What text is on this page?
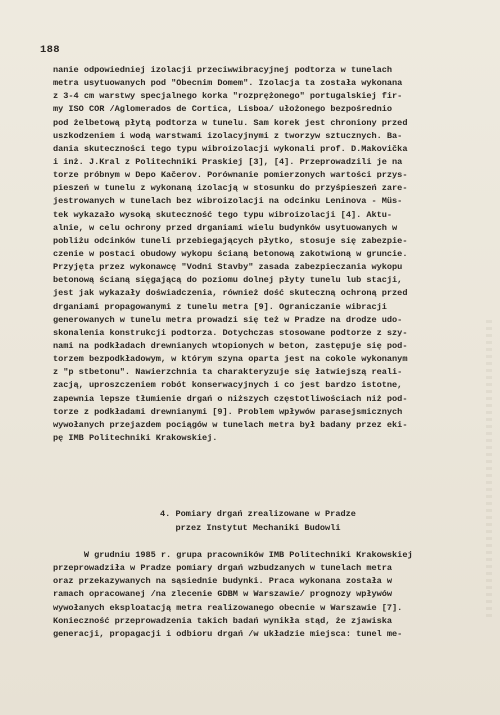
188
nanie odpowiedniej izolacji przeciwwibracyjnej podtorza w tunelach
metra usytuowanych pod "Obecnim Domem". Izolacja ta została wykonana
z 3-4 cm warstwy specjalnego korka "rozprężonego" portugalskiej fir-
my ISO COR /Aglomerados de Cortica, Lisboa/ ułożonego bezpośrednio
pod żelbetową płytą podtorza w tunelu. Sam korek jest chroniony przed
uszkodzeniem i wodą warstwami izolacyjnymi z tworzyw sztucznych. Ba-
dania skuteczności tego typu wibroizolacji wykonali prof. D.Makovička
i inż. J.Kral z Politechniki Praskiej [3], [4]. Przeprowadzili je na
torze próbnym w Depo Kačerov. Porównanie pomierzonych wartości przys-
pieszeń w tunelu z wykonaną izolacją w stosunku do przyśpieszeń zare-
jestrowanych w tunelach bez wibroizolacji na odcinku Leninova - Müs-
tek wykazało wysoką skuteczność tego typu wibroizolacji [4]. Aktu-
alnie, w celu ochrony przed drganiami wielu budynków usytuowanych w
pobliżu odcinków tuneli przebiegających płytko, stosuje się zabezpie-
czenie w postaci obudowy wykopu ścianą betonową zakotwioną w gruncie.
Przyjęta przez wykonawcę "Vodni Stavby" zasada zabezpieczania wykopu
betonową ścianą sięgającą do poziomu dolnej płyty tunelu lub stacji,
jest jak wykazały doświadczenia, również dość skuteczną ochroną przed
drganiami propagowanymi z tunelu metra [9]. Ograniczanie wibracji
generowanych w tunelu metra prowadzi się też w Pradze na drodze udo-
skonalenia konstrukcji podtorza. Dotychczas stosowane podtorze z szy-
nami na podkładach drewnianych wtopionych w beton, zastępuje się pod-
torzem bezpodkładowym, w którym szyna oparta jest na cokole wykonanym
z "p stbetonu". Nawierzchnia ta charakteryzuje się łatwiejszą reali-
zacją, uproszczeniem robót konserwacyjnych i co jest bardzo istotne,
zapewnia lepsze tłumienie drgań o niższych częstotliwościach niż pod-
torze z podkładami drewnianymi [9]. Problem wpływów parasejsmicznych
wywołanych przejazdem pociągów w tunelach metra był badany przez eki-
pę IMB Politechniki Krakowskiej.
4. Pomiary drgań zrealizowane w Pradze
przez Instytut Mechaniki Budowli
W grudniu 1985 r. grupa pracowników IMB Politechniki Krakowskiej
przeprowadziła w Pradze pomiary drgań wzbudzanych w tunelach metra
oraz przekazywanych na sąsiednie budynki. Praca wykonana została w
ramach opracowanej /na zlecenie GDBM w Warszawie/ prognozy wpływów
wywołanych eksploatacją metra realizowanego obecnie w Warszawie [7].
Konieczność przeprowadzenia takich badań wynikła stąd, że zjawiska
generacji, propagacji i odbioru drgań /w układzie miejsca: tunel me-
